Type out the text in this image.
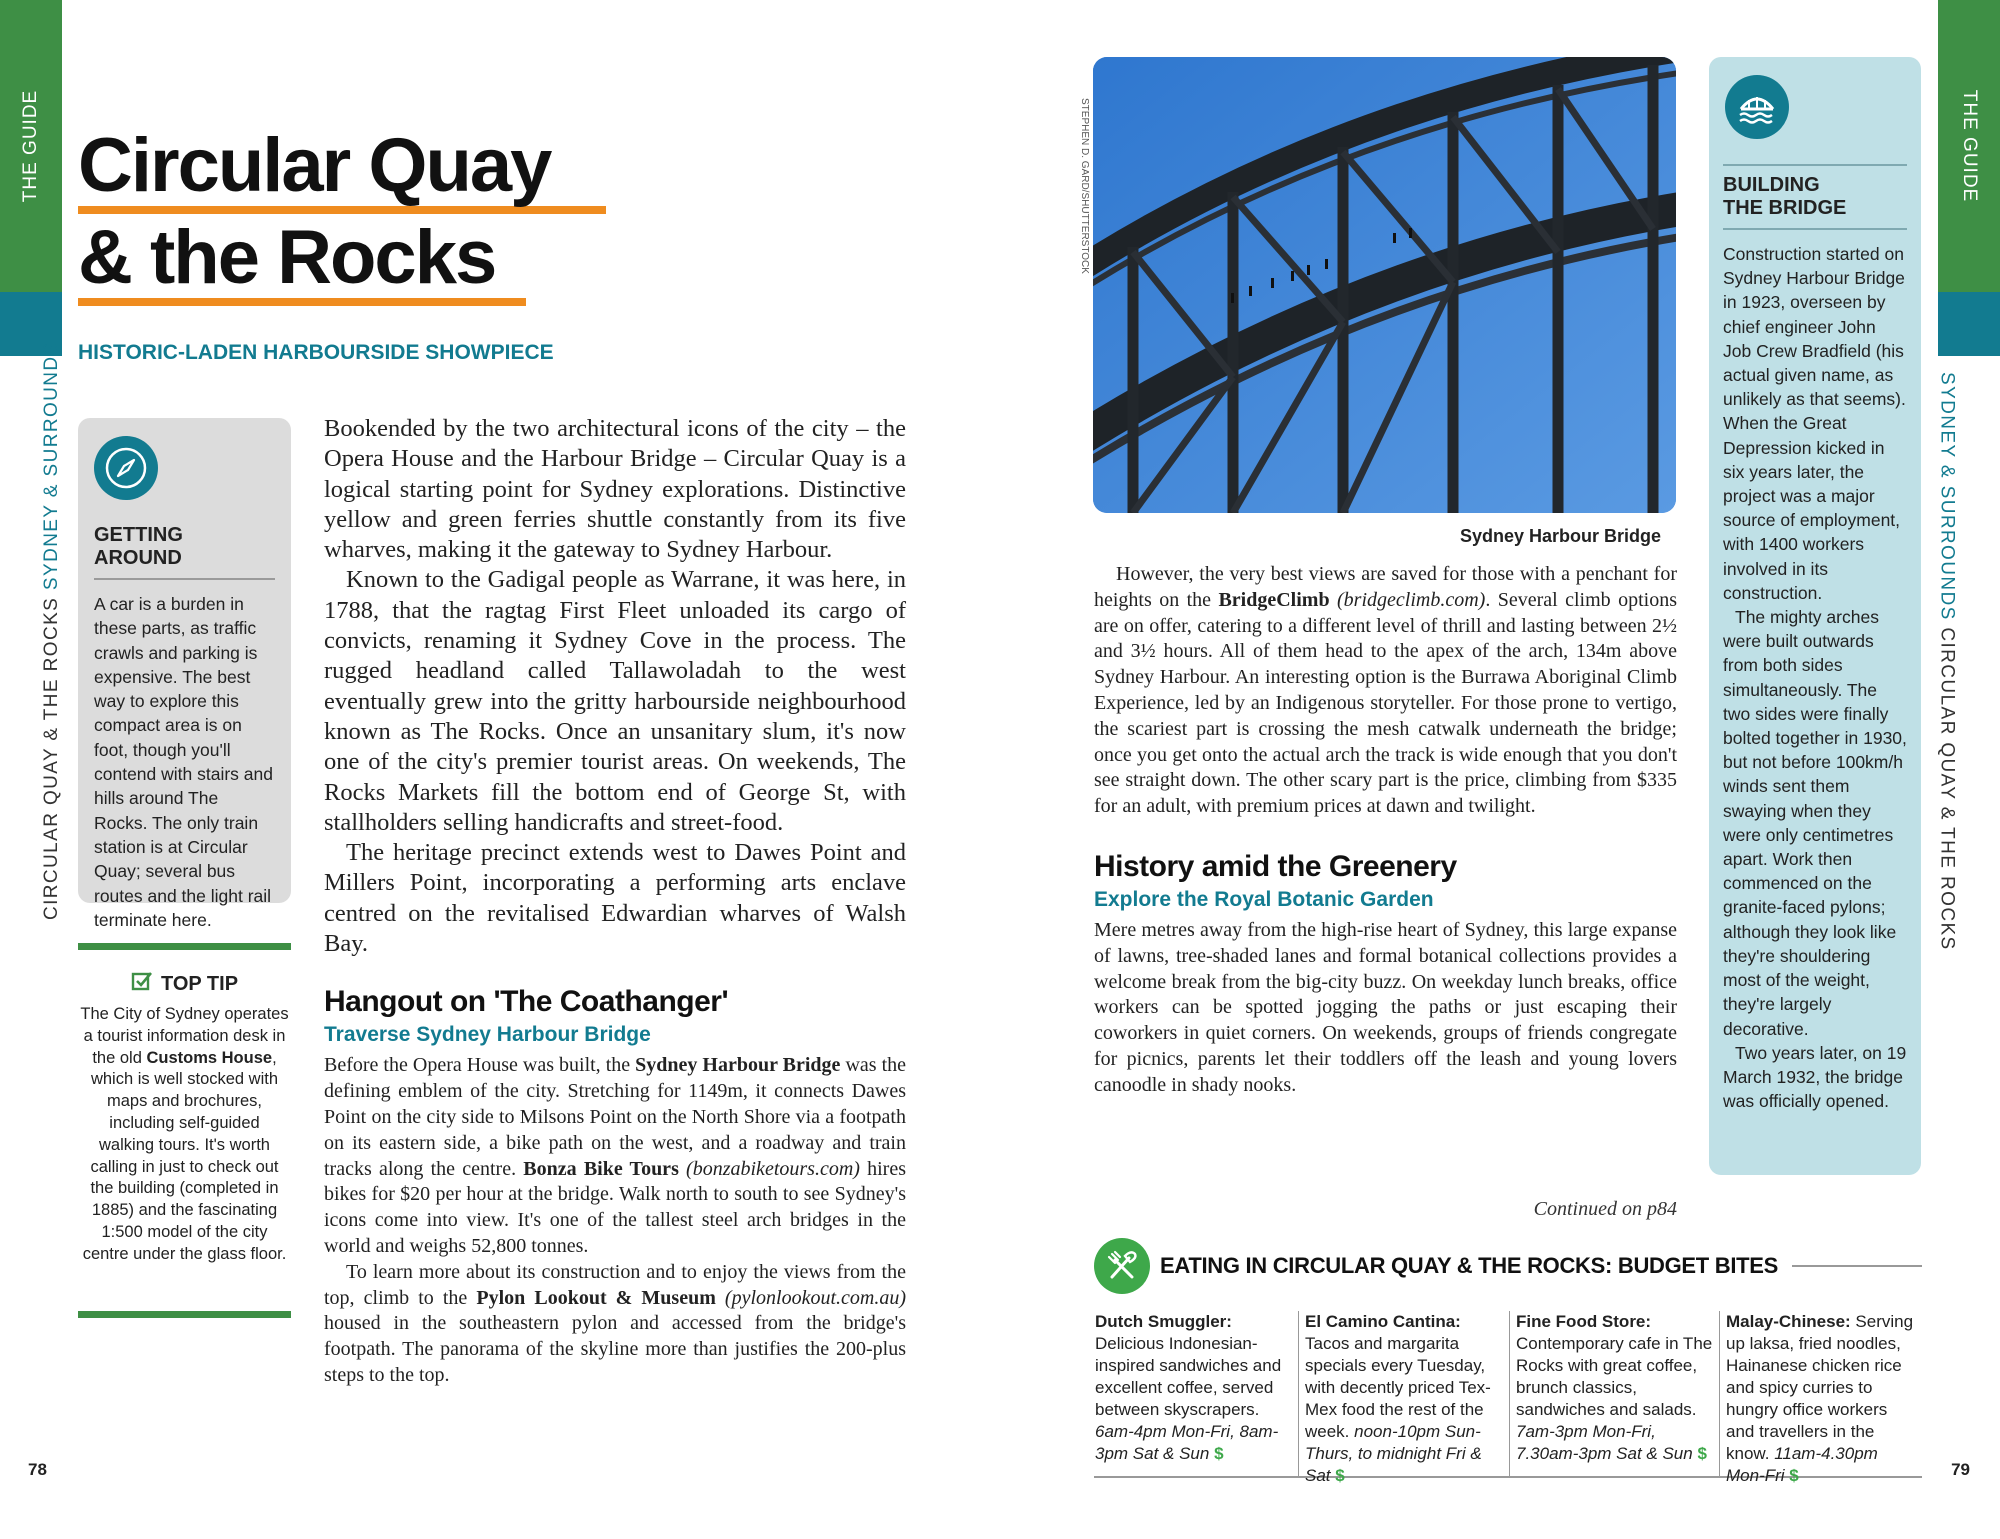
THE GUIDE
CIRCULAR QUAY & THE ROCKS SYDNEY & SURROUNDS
THE GUIDE
SYDNEY & SURROUNDS CIRCULAR QUAY & THE ROCKS
78	79
Circular Quay
& the Rocks
HISTORIC-LADEN HARBOURSIDE SHOWPIECE
GETTING AROUND
A car is a burden in these parts, as traffic crawls and parking is expensive. The best way to explore this compact area is on foot, though you'll contend with stairs and hills around The Rocks. The only train station is at Circular Quay; several bus routes and the light rail terminate here.
TOP TIP
The City of Sydney operates a tourist information desk in the old Customs House, which is well stocked with maps and brochures, including self-guided walking tours. It's worth calling in just to check out the building (completed in 1885) and the fascinating 1:500 model of the city centre under the glass floor.

Bookended by the two architectural icons of the city – the Opera House and the Harbour Bridge – Circular Quay is a logical starting point for Sydney explorations. Distinctive yellow and green ferries shuttle constantly from its five wharves, making it the gateway to Sydney Harbour.

Known to the Gadigal people as Warrane, it was here, in 1788, that the ragtag First Fleet unloaded its cargo of convicts, renaming it Sydney Cove in the process. The rugged headland called Tallawoladah to the west eventually grew into the gritty harbourside neighbourhood known as The Rocks. Once an unsanitary slum, it's now one of the city's premier tourist areas. On weekends, The Rocks Markets fill the bottom end of George St, with stallholders selling handicrafts and street-food.

The heritage precinct extends west to Dawes Point and Millers Point, incorporating a performing arts enclave centred on the revitalised Edwardian wharves of Walsh Bay.

Hangout on 'The Coathanger'
Traverse Sydney Harbour Bridge

Before the Opera House was built, the Sydney Harbour Bridge was the defining emblem of the city. Stretching for 1149m, it connects Dawes Point on the city side to Milsons Point on the North Shore via a footpath on its eastern side, a bike path on the west, and a roadway and train tracks along the centre. Bonza Bike Tours (bonzabiketours.com) hires bikes for $20 per hour at the bridge. Walk north to south to see Sydney's icons come into view. It's one of the tallest steel arch bridges in the world and weighs 52,800 tonnes.

To learn more about its construction and to enjoy the views from the top, climb to the Pylon Lookout & Museum (pylonlookout.com.au) housed in the southeastern pylon and accessed from the bridge's footpath. The panorama of the skyline more than justifies the 200-plus steps to the top.

STEPHEN D. GARD/SHUTTERSTOCK
Sydney Harbour Bridge

However, the very best views are saved for those with a penchant for heights on the BridgeClimb (bridgeclimb.com). Several climb options are on offer, catering to a different level of thrill and lasting between 2½ and 3½ hours. All of them head to the apex of the arch, 134m above Sydney Harbour. An interesting option is the Burrawa Aboriginal Climb Experience, led by an Indigenous storyteller. For those prone to vertigo, the scariest part is crossing the mesh catwalk underneath the bridge; once you get onto the actual arch the track is wide enough that you don't see straight down. The other scary part is the price, climbing from $335 for an adult, with premium prices at dawn and twilight.

History amid the Greenery
Explore the Royal Botanic Garden

Mere metres away from the high-rise heart of Sydney, this large expanse of lawns, tree-shaded lanes and formal botanical collections provides a welcome break from the big-city buzz. On weekday lunch breaks, office workers can be spotted jogging the paths or just escaping their coworkers in quiet corners. On weekends, groups of friends congregate for picnics, parents let their toddlers off the leash and young lovers canoodle in shady nooks.

Continued on p84
BUILDING
THE BRIDGE

Construction started on Sydney Harbour Bridge in 1923, overseen by chief engineer John Job Crew Bradfield (his actual given name, as unlikely as that seems). When the Great Depression kicked in six years later, the project was a major source of employment, with 1400 workers involved in its construction.

The mighty arches were built outwards from both sides simultaneously. The two sides were finally bolted together in 1930, but not before 100km/h winds sent them swaying when they were only centimetres apart. Work then commenced on the granite-faced pylons; although they look like they're shouldering most of the weight, they're largely decorative.

Two years later, on 19 March 1932, the bridge was officially opened.

EATING IN CIRCULAR QUAY & THE ROCKS: BUDGET BITES
Dutch Smuggler: Delicious Indonesian-inspired sandwiches and excellent coffee, served between skyscrapers. 6am-4pm Mon-Fri, 8am-3pm Sat & Sun $
El Camino Cantina: Tacos and margarita specials every Tuesday, with decently priced Tex-Mex food the rest of the week. noon-10pm Sun-Thurs, to midnight Fri & Sat $
Fine Food Store: Contemporary cafe in The Rocks with great coffee, brunch classics, sandwiches and salads. 7am-3pm Mon-Fri, 7.30am-3pm Sat & Sun $
Malay-Chinese: Serving up laksa, fried noodles, Hainanese chicken rice and spicy curries to hungry office workers and travellers in the know. 11am-4.30pm Mon-Fri $
